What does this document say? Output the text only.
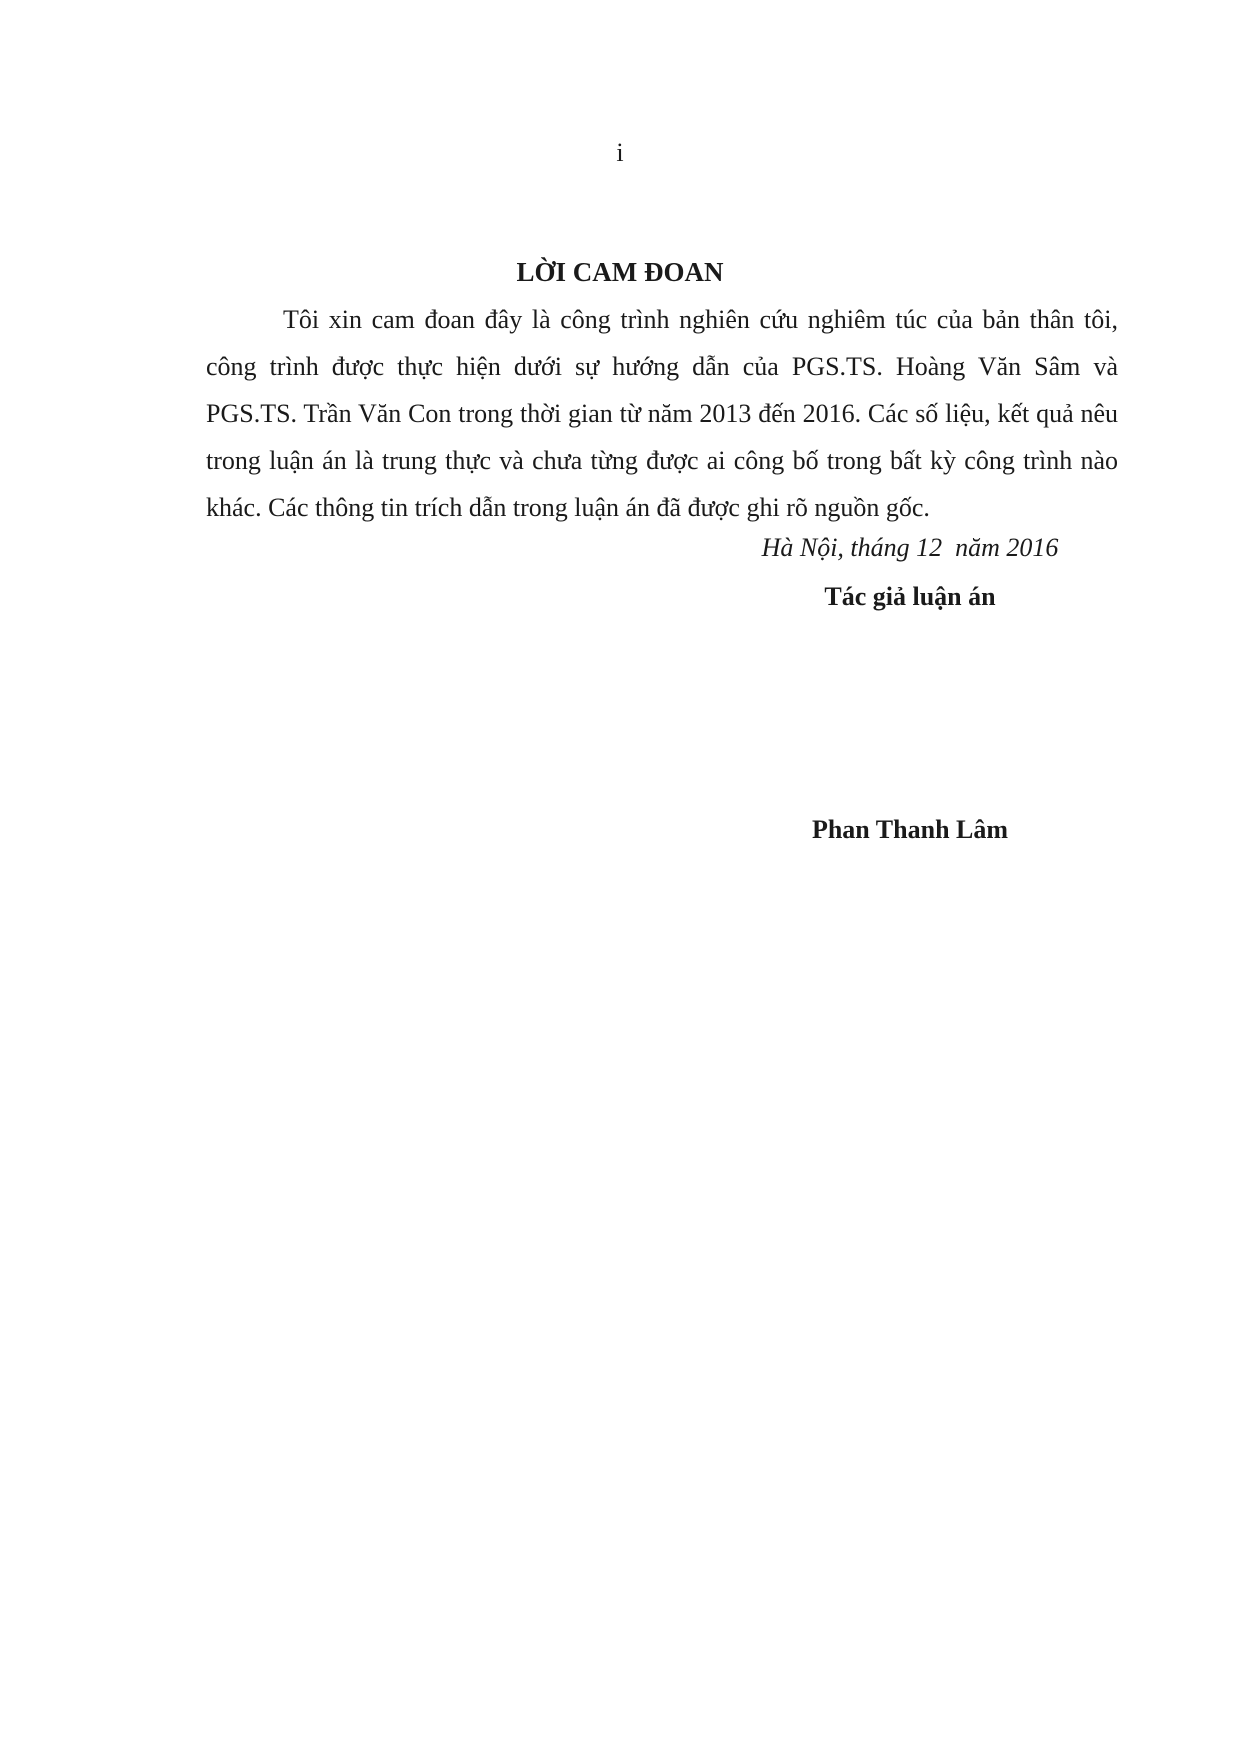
i
LỜI CAM ĐOAN

Tôi xin cam đoan đây là công trình nghiên cứu nghiêm túc của bản thân tôi, công trình được thực hiện dưới sự hướng dẫn của PGS.TS. Hoàng Văn Sâm và PGS.TS. Trần Văn Con trong thời gian từ năm 2013 đến 2016. Các số liệu, kết quả nêu trong luận án là trung thực và chưa từng được ai công bố trong bất kỳ công trình nào khác. Các thông tin trích dẫn trong luận án đã được ghi rõ nguồn gốc.

Hà Nội, tháng 12  năm 2016
Tác giả luận án
Phan Thanh Lâm
